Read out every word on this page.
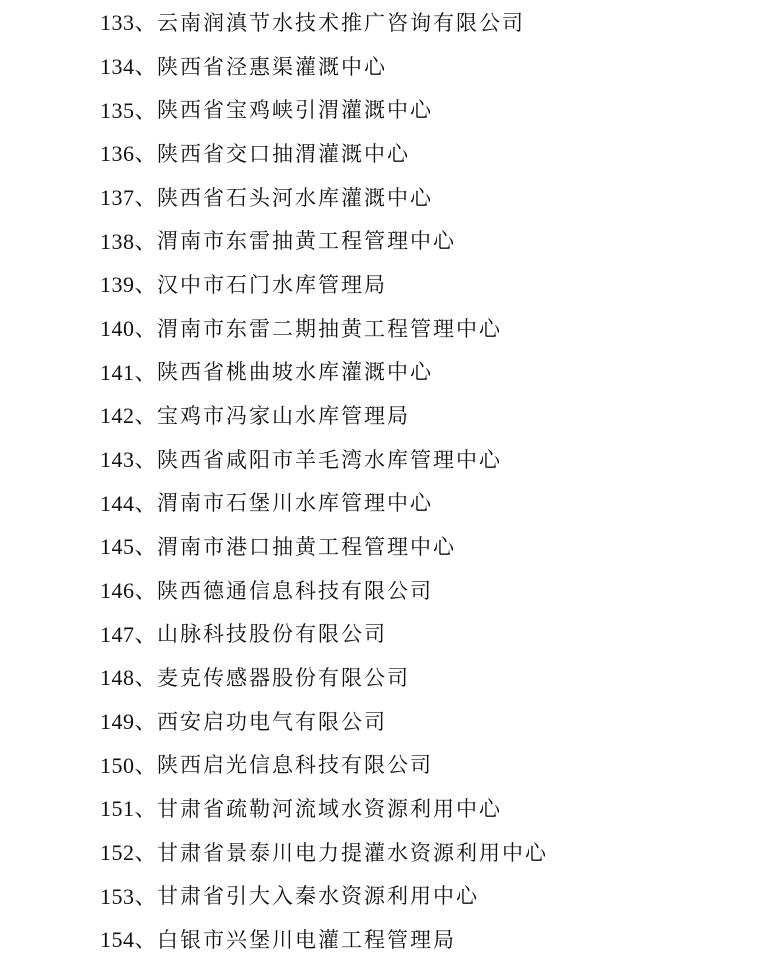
133、 云南润滇节水技术推广咨询有限公司
134、 陕西省泾惠渠灌溉中心
135、 陕西省宝鸡峡引渭灌溉中心
136、 陕西省交口抽渭灌溉中心
137、 陕西省石头河水库灌溉中心
138、 渭南市东雷抽黄工程管理中心
139、 汉中市石门水库管理局
140、 渭南市东雷二期抽黄工程管理中心
141、 陕西省桃曲坡水库灌溉中心
142、 宝鸡市冯家山水库管理局
143、 陕西省咸阳市羊毛湾水库管理中心
144、 渭南市石堡川水库管理中心
145、 渭南市港口抽黄工程管理中心
146、 陕西德通信息科技有限公司
147、 山脉科技股份有限公司
148、 麦克传感器股份有限公司
149、 西安启功电气有限公司
150、 陕西启光信息科技有限公司
151、 甘肃省疏勒河流域水资源利用中心
152、 甘肃省景泰川电力提灌水资源利用中心
153、 甘肃省引大入秦水资源利用中心
154、 白银市兴堡川电灌工程管理局
